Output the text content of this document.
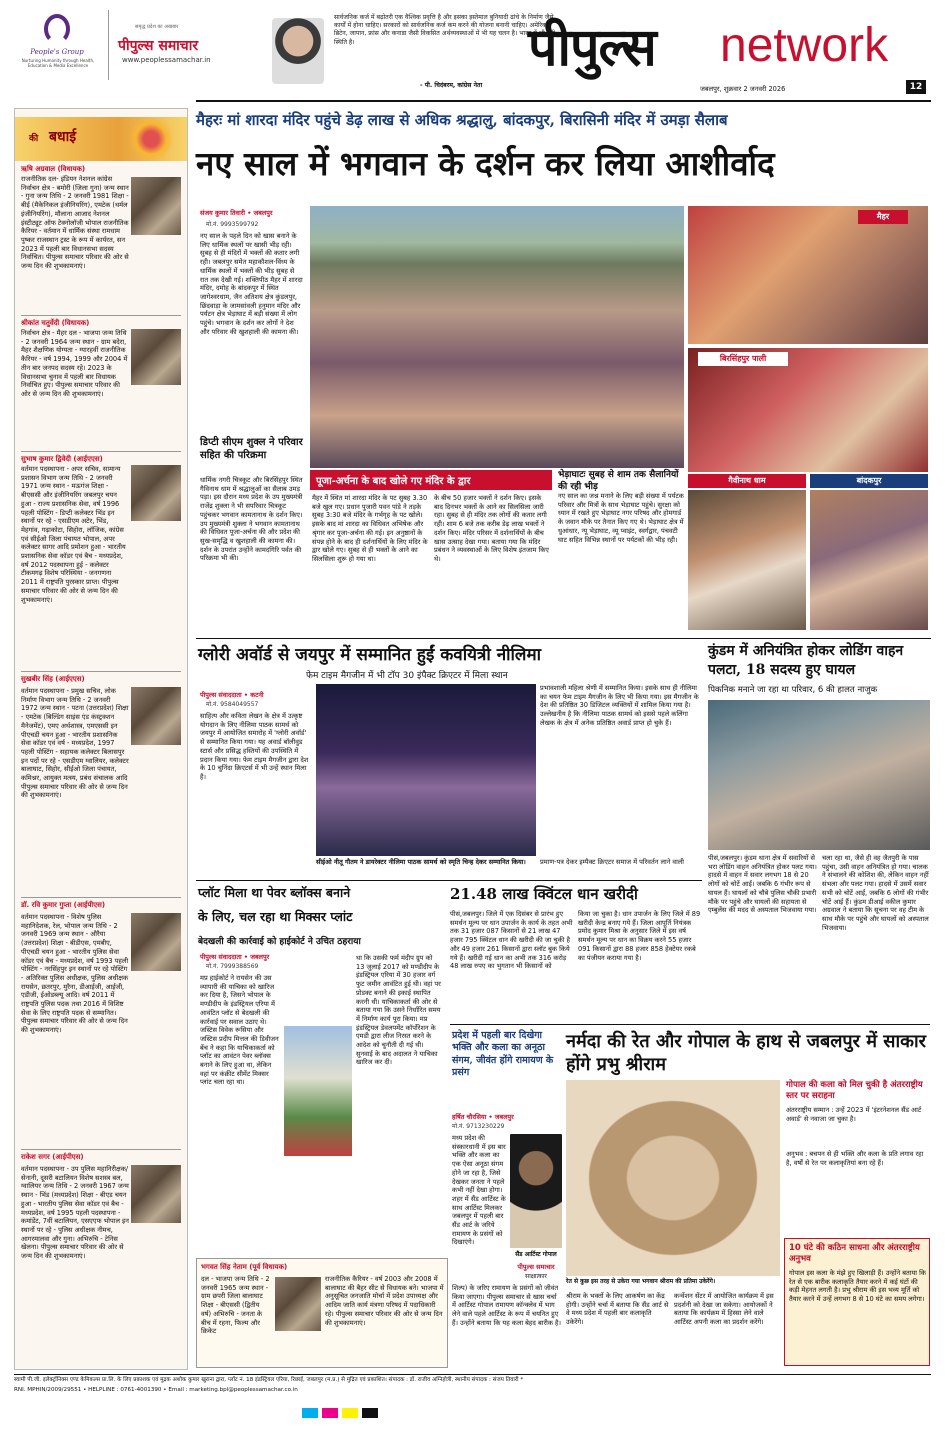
People's Group
Nurturing Humanity through Health, Education & Media Excellence
समृद्ध प्रदेश का अखबार
पीपुल्स समाचार
www.peoplessamachar.in
सार्वजनिक कर्ज में बढ़ोतरी एक वैश्विक प्रवृत्ति है और इसका इस्तेमाल बुनियादी ढांचे के निर्माण जैसे कार्यों में होना चाहिए। सरकारों को सार्वजनिक कर्ज कम करने की योजना बनानी चाहिए। अमेरिका, ब्रिटेन, जापान, फ्रांस और कनाडा जैसी विकसित अर्थव्यवस्थाओं में भी यह चलन है। भारत में भी यही स्थिति है।
- पी. चिदंबरम, कांग्रेस नेता
पीपुल्स network
जबलपुर, शुक्रवार 2 जनवरी 2026	12
की बधाई
ऋषि अग्रवाल (विधायक)
राजनीतिक दल- इंडियन नेशनल कांग्रेस निर्वाचन क्षेत्र - बमोरी (जिला गुना) जन्म स्थान - गुना जन्म तिथि - 2 जनवरी 1981 शिक्षा - बीई (मैकेनिकल इंजीनियरिंग), एमटेक (थर्मल इंजीनियरिंग), मौलाना आजाद नेशनल इंस्टीट्यूट ऑफ टेक्नोलॉजी भोपाल राजनीतिक कैरियर - वर्तमान में धार्मिक संस्था रामधाम पुष्कर राजस्थान ट्रस्ट के रूप में कार्यरत, सन 2023 में पहली बार विधानसभा सदस्य निर्वाचित। पीपुल्स समाचार परिवार की ओर से जन्म दिन की शुभकामनाएं।
श्रीकांत चतुर्वेदी (विधायक)
निर्वाचन क्षेत्र - मैहर दल - भाजपा जन्म तिथि - 2 जनवरी 1964 जन्म स्थान - ग्राम बदेरा, मैहर शैक्षणिक योग्यता - ग्यारहवीं राजनीतिक कैरियर - वर्ष 1994, 1999 और 2004 में तीन बार जनपद सदस्य रहे। 2023 के विधानसभा चुनाव में पहली बार विधायक निर्वाचित हुए। पीपुल्स समाचार परिवार की ओर से जन्म दिन की शुभकामनाएं।
सुभाष कुमार द्विवेदी (आईएएस)
वर्तमान पदस्थापना - अपर सचिव, सामान्य प्रशासन विभाग जन्म तिथि - 2 जनवरी 1971 जन्म स्थान - मऊगंज शिक्षा - बीएससी और इंजीनियरिंग जबलपुर चयन हुआ - राज्य प्रशासनिक सेवा, वर्ष 1996 पहली पोस्टिंग - डिप्टी कलेक्टर भिंड इन स्थानों पर रहे - एसडीएम अटेर, भिंड, मेहगांव, गढ़ाकोटा, सिहोरा, लॉजिक, कांग्रेस एवं सीईओ जिला पंचायत भोपाल, अपर कलेक्टर सागर आदि प्रमोशन हुआ - भारतीय प्रशासनिक सेवा कॉडर एवं बैच - मध्यप्रदेश, वर्ष 2012 पदस्थापना हुई - कलेक्टर टीकमगढ़ विशेष परिस्थिया - जनगणना 2011 में राष्ट्रपति पुरस्कार प्राप्त। पीपुल्स समाचार परिवार की ओर से जन्म दिन की शुभकामनाएं।
सुखबीर सिंह (आईएएस)
वर्तमान पदस्थापना - प्रमुख सचिव, लोक निर्माण विभाग जन्म तिथि - 2 जनवरी 1972 जन्म स्थान - पटना (उत्तरप्रदेश) शिक्षा - एमटेक (बिल्डिंग साइंस एंड कंस्ट्रक्शन मैनेजमेंट), एमए अर्थशास्त्र, एमएससी इन पीएचडी चयन हुआ - भारतीय प्रशासनिक सेवा कॉडर एवं वर्ष - मध्यप्रदेश, 1997 पहली पोस्टिंग - सहायक कलेक्टर बिलासपुर इन पदों पर रहे - एसडीएम ग्वालियर, कलेक्टर बालाघाट, सिहोर, सीईओ जिला पंचायत, कमिश्नर, आयुक्त मत्स्य, प्रबंध संचालक आदि पीपुल्स समाचार परिवार की ओर से जन्म दिन की शुभकामनाएं।
डॉ. रवि कुमार गुप्ता (आईपीएस)
वर्तमान पदस्थापना - विशेष पुलिस महानिदेशक, रेल, भोपाल जन्म तिथि - 2 जनवरी 1969 जन्म स्थान - औरैया (उत्तरप्रदेश) शिक्षा - बीडीएस, एमबीए, पीएचडी चयन हुआ - भारतीय पुलिस सेवा कॉडर एवं बैच - मध्यप्रदेश, वर्ष 1993 पहली पोस्टिंग - नरसिंहपुर इन स्थानों पर रहे पोस्टिंग - अतिरिक्त पुलिस अधीक्षक, पुलिस अधीक्षक रायसेन, छतरपुर, मुरैना, डीआईजी, आईजी, एडीजी, ईओडब्ल्यू आदि। वर्ष 2011 में राष्ट्रपति पुलिस पदक तथा 2016 में विशिष्ट सेवा के लिए राष्ट्रपति पदक से सम्मानित। पीपुल्स समाचार परिवार की ओर से जन्म दिन की शुभकामनाएं।
राकेश सगर (आईपीएस)
वर्तमान पदस्थापना - उप पुलिस महानिरीक्षक/सेनानी, दूसरी बटालियन विशेष सशस्त्र बल, ग्वालियर जन्म तिथि - 2 जनवरी 1967 जन्म स्थान - भिंड (मध्यप्रदेश) शिक्षा - बीएड चयन हुआ - भारतीय पुलिस सेवा कॉडर एवं बैच - मध्यप्रदेश, वर्ष 1995 पहली पदस्थापना - कमांडेंट, 7वीं बटालियन, एसएएफ भोपाल इन स्थानों पर रहे - पुलिस अधीक्षक नीमच, आगरमालवा और गुना। अभिरुचि - टेनिस खेलना। पीपुल्स समाचार परिवार की ओर से जन्म दिन की शुभकामनाएं।
मैहरः मां शारदा मंदिर पहुंचे डेढ़ लाख से अधिक श्रद्धालु, बांदकपुर, बिरासिनी मंदिर में उमड़ा सैलाब
नए साल में भगवान के दर्शन कर लिया आशीर्वाद
संजय कुमार तिवारी • जबलपुर
मो.नं. 9993599792
नए साल के पहले दिन को खास बनाने के लिए धार्मिक स्थलों पर खासी भीड़ रही। सुबह से ही मंदिरों में भक्तों की कतार लगी रही। जबलपुर समेत महाकौशल-विंध्य के धार्मिक स्थलों में भक्तों की भीड़ सुबह से रात तक देखी गई। शक्तिपीठ मैहर में शारदा मंदिर, दमोह के बांदकपुर में स्थित जागेश्वरधाम, जैन अतिशय क्षेत्र कुंडलपुर, छिंदवाड़ा के जामसांवली हनुमान मंदिर और पर्यटन क्षेत्र भेड़ाघाट में बड़ी संख्या में लोग पहुंचे। भगवान के दर्शन कर लोगों ने देश और परिवार की खुशहाली की कामना की।
डिप्टी सीएम शुक्ल ने परिवार सहित की परिक्रमा
धार्मिक नगरी चित्रकूट और बिरसिंहपुर स्थित गैविनाथ धाम में श्रद्धालुओं का सैलाब उमड़ पड़ा। इस दौरान मध्य प्रदेश के उप मुख्यमंत्री राजेंद्र शुक्ला ने भी सपरिवार चित्रकूट पहुंचकर भगवान कामतानाथ के दर्शन किए। उप मुख्यमंत्री शुक्ला ने भगवान कामतानाथ की विधिवत पूजा-अर्चना की और प्रदेश की सुख-समृद्धि व खुशहाली की कामना की। दर्शन के उपरांत उन्होंने कामदगिरि पर्वत की परिक्रमा भी की।
पूजा-अर्चना के बाद खोले गए मंदिर के द्वार
मैहर में स्थित मां शारदा मंदिर के पट सुबह 3.30 बजे खुल गए। प्रधान पुजारी पवन पांडे ने तड़के सुबह 3:30 बजे मंदिर के गर्भगृह के पट खोले। इसके बाद मां शारदा का विधिवत अभिषेक और श्रृंगार कर पूजा-अर्चना की गई। इन अनुष्ठानों के संपन्न होने के बाद ही दर्शनार्थियों के लिए मंदिर के द्वार खोले गए। सुबह से ही भक्तों के आने का सिलसिला शुरू हो गया था।
के बीच 50 हजार भक्तों ने दर्शन किए। इसके बाद दिनभर भक्तों के आने का सिलसिला जारी रहा। सुबह से ही मंदिर तक लोगों की कतार लगी रही। शाम 6 बजे तक करीब डेढ़ लाख भक्तों ने दर्शन किए। मंदिर परिसर में दर्शनार्थियों के बीच खास उत्साह देखा गया। बताया गया कि मंदिर प्रबंधन ने व्यवस्थाओं के लिए विशेष इंतजाम किए थे।
भेड़ाघाटः सुबह से शाम तक सैलानियों की रही भीड़
नए साल का जश्न मनाने के लिए बड़ी संख्या में पर्यटक परिवार और मित्रों के साथ भेड़ाघाट पहुंचे। सुरक्षा को ध्यान में रखते हुए भेड़ाघाट नगर परिषद और होमगार्ड के जवान मौके पर तैनात किए गए थे। भेड़ाघाट क्षेत्र में धुआंधार, न्यू भेड़ाघाट, व्यू प्वाइंट, स्वर्गद्वार, पंचवटी घाट सहित विभिन्न स्थानों पर पर्यटकों की भीड़ रही।
मैहर
बिरसिंहपुर पाली
गैवीनाथ धाम	बांदकपुर
ग्लोरी अवॉर्ड से जयपुर में सम्मानित हुईं कवयित्री नीलिमा
फेम टाइम मैगजीन में भी टॉप 30 इंपैक्ट क्रिएटर में मिला स्थान
पीपुल्स संवाददाता • कटनी
मो.नं. 9584049557
साहित्य और कविता लेखन के क्षेत्र में उत्कृष्ट योगदान के लिए नीलिमा पाठक सामर्थ को जयपुर में आयोजित समारोह में 'ग्लोरी अवॉर्ड' से सम्मानित किया गया। यह अवार्ड बॉलीवुड स्टार्स और प्रसिद्ध हस्तियों की उपस्थिति में प्रदान किया गया। फेम टाइम मैगजीन द्वारा देश के 10 चुनिंदा क्रिएटर्स में भी उन्हें स्थान मिला है।
सीईओ नीतू गौतम ने डायरेक्टर नीलिमा पाठक सामर्थ को स्मृति चिन्ह देकर सम्मानित किया।	प्रमाण-पत्र देकर इम्पैक्ट क्रिएटर समाज में परिवर्तन लाने वाली
प्रभावशाली महिला श्रेणी में सम्मानित किया। इसके साथ ही नीलिमा का चयन फेम टाइम मैगजीन के लिए भी किया गया। इस मैगजीन के देश की प्रतिष्ठित 30 डिजिटल व्यक्तियों में शामिल किया गया है। उल्लेखनीय है कि नीलिमा पाठक सामर्थ को इससे पहले कलिंगा लेखक के क्षेत्र में अनेक प्रतिष्ठित अवार्ड प्राप्त हो चुके हैं।
कुंडम में अनियंत्रित होकर लोडिंग वाहन पलटा, 18 सदस्य हुए घायल
पिकनिक मनाने जा रहा था परिवार, 6 की हालत नाजुक
पीसं,जबलपुर। कुंडम थाना क्षेत्र में सवारियों से भरा लोडिंग वाहन अनियंत्रित होकर पलट गया। हादसे में वाहन में सवार लगभग 18 से 20 लोगों को चोटें आईं। जबकि 6 गंभीर रूप से घायल हैं। घायलों को चौबे पुलिस चौकी प्रभारी मौके पर पहुंचे और घायलों की सहायता से एम्बुलेंस की मदद से अस्पताल भिजवाया गया।
चला रहा था, जैसे ही वह जैतपुरी के पास पहुंचा, उसी वाहन अनियंत्रित हो गया। चालक ने संभालने की कोशिश की, लेकिन वाहन नहीं संभला और पलट गया। हादसे में उसमें सवार सभी को चोटें आईं, जबकि 6 लोगों की गंभीर चोटें आई हैं। कुंडम डीआई वकील कुमार अग्रवाल ने बताया कि सूचना पर वह टीम के साथ मौके पर पहुंचे और घायलों को अस्पताल भिजवाया।
प्लॉट मिला था पेवर ब्लॉक्स बनाने
के लिए, चल रहा था मिक्सर प्लांट
बेदखली की कार्रवाई को हाईकोर्ट ने उचित ठहराया
पीपुल्स संवाददाता • जबलपुर
मो.नं. 7999388569
मप्र हाईकोर्ट ने रायसेन की उस व्यापारी की याचिका को खारिज कर दिया है, जिसने भोपाल के मण्डीदीप के इंडस्ट्रियल एरिया में आवंटित प्लॉट से बेदखली की कार्रवाई पर सवाल उठाए थे। जस्टिस विवेक रूसिया और जस्टिस प्रदीप मित्तल की डिवीजन बेंच ने कहा कि याचिकाकर्ता को प्लॉट का आवंटन पेवर ब्लॉक्स बनाने के लिए हुआ था, लेकिन वहां पर कंक्रीट सीमेंट मिक्सर प्लांट चला रहा था।
था कि उसकी फर्म मंदीप ग्रुप को 13 जुलाई 2017 को मण्डीदीप के इंडस्ट्रियल एरिया में 30 हजार वर्ग फुट जमीन आवंटित हुई थी। वहां पर प्रोडक्ट बनाने की इकाई स्थापित करनी थी। याचिकाकर्ता की ओर से बताया गया कि उसने निर्धारित समय में निर्माण कार्य पूरा किया। मप्र इंडस्ट्रियल डेवलपमेंट कॉर्पोरेशन के एमडी द्वारा लीज निरस्त करने के आदेश को चुनौती दी गई थी। सुनवाई के बाद अदालत ने याचिका खारिज कर दी।
21.48 लाख क्विंटल धान खरीदी
पीसं,जबलपुर। जिले में एक दिसंबर से प्रारंभ हुए समर्थन मूल्य पर धान उपार्जन के कार्य के तहत अभी तक 31 हजार 087 किसानों से 21 लाख 47 हजार 795 क्विंटल धान की खरीदी की जा चुकी है और 49 हजार 261 किसानों द्वारा स्लॉट बुक किये गये हैं। खरीदी गई धान का अभी तक 316 करोड़ 48 लाख रुपए का भुगतान भी किसानों को
किया जा चुका है। धान उपार्जन के लिए जिले में 89 खरीदी केन्द्र बनाए गये हैं। जिला आपूर्ति नियंत्रक प्रमोद कुमार मिश्रा के अनुसार जिले में इस वर्ष समर्थन मूल्य पर धान का विक्रय करने 55 हजार 091 किसानों द्वारा 88 हजार 858 हेक्टेयर रकबे का पंजीयन कराया गया है।
प्रदेश में पहली बार दिखेगा भक्ति और कला का अनूठा संगम, जीवंत होंगे रामायण के प्रसंग
हर्षित चौरसिया • जबलपुर
मो.नं. 9713230229
मध्य प्रदेश की संस्कारधानी में इस बार भक्ति और कला का एक ऐसा अनूठा संगम होने जा रहा है, जिसे देखकर जनता ने पहले कभी नहीं देखा होगा। शहर में सैंड आर्टिस्ट के साथ आर्टिस्ट मिलकर जबलपुर में पहली बार सैंड आर्ट के जरिये रामायण के प्रसंगों को दिखाएंगे।
सैंड आर्टिस्ट गोपाल
पीपुल्स समाचार
साक्षात्कार
शिल्प) के जरिए रामायण के प्रसंगों को जीवंत किया जाएगा। पीपुल्स समाचार से खास चर्चा में आर्टिस्ट गोपाल रामायण कॉन्क्लेव में भाग लेने वाले पहले आर्टिस्ट के रूप में चयनित हुए हैं। उन्होंने बताया कि यह कला बेहद बारीक है।
नर्मदा की रेत और गोपाल के हाथ से जबलपुर में साकार होंगे प्रभु श्रीराम
रेत से कुछ इस तरह से उकेरा गया भगवान श्रीराम की प्रतिमा उकेरेंगे।
श्रीराम के भक्तों के लिए आकर्षण का केंद्र होगी। उन्होंने चर्चा में बताया कि सैंड आर्ट से वे मध्य प्रदेश में पहली बार कलाकृति उकेरेंगे।
कन्वेंशन सेंटर में आयोजित कार्यक्रम में इस प्रदर्शनी को देखा जा सकेगा। आयोजकों ने बताया कि कार्यक्रम में हिस्सा लेने वाले आर्टिस्ट अपनी कला का प्रदर्शन करेंगे।
गोपाल की कला को मिल चुकी है अंतरराष्ट्रीय स्तर पर सराहना
अंतरराष्ट्रीय सम्मान : उन्हें 2023 में 'इंटरनेशनल सैंड आर्ट अवार्ड' से नवाजा जा चुका है।
अनुभव : बचपन से ही भक्ति और कला के प्रति लगाव रहा है, वर्षों से रेत पर कलाकृतियां बना रहे हैं।
10 घंटे की कठिन साधना और अंतरराष्ट्रीय अनुभव
गोपाल इस कला के मंझे हुए खिलाड़ी हैं। उन्होंने बताया कि रेत से एक बारीक कलाकृति तैयार करने में कई घंटों की कड़ी मेहनत लगती है। प्रभु श्रीराम की इस भव्य मूर्ति को तैयार करने में उन्हें लगभग 8 से 10 घंटे का समय लगेगा।
भगवत सिंह नेताम (पूर्व विधायक)
दल - भाजपा जन्म तिथि - 2 जनवरी 1965 जन्म स्थान - ग्राम छपरी जिला बालाघाट शिक्षा - बीएससी (द्वितीय वर्ष) अभिरुचि - जनता के बीच में रहना, फिल्म और क्रिकेट
राजनीतिक कैरियर - वर्ष 2003 और 2008 में बालाघाट की बैहर सीट से विधायक बने। भाजपा में अनुसूचित जनजाति मोर्चा में प्रदेश उपाध्यक्ष और आदिम जाति कार्य मंत्रणा परिषद में पदाधिकारी रहे। पीपुल्स समाचार परिवार की ओर से जन्म दिन की शुभकामनाएं।
स्वामी पी.जी. इलेक्ट्रॉनिक्स एण्ड केमिकल्स प्रा.लि. के लिए प्रकाशक एवं मुद्रक अशोक कुमार खुराना द्वारा, प्लॉट नं. 18 इंडस्ट्रियल एरिया, रिछाई, जबलपुर (म.प्र.) से मुद्रित एवं प्रकाशित। संपादक : डॉ. राजीव अग्निहोत्री, स्थानीय संपादक : संजय तिवारी *
RNI. MPHIN/2009/29551 • HELPLINE : 0761-4001390 • Email : marketing.bpl@peoplessamachar.co.in
